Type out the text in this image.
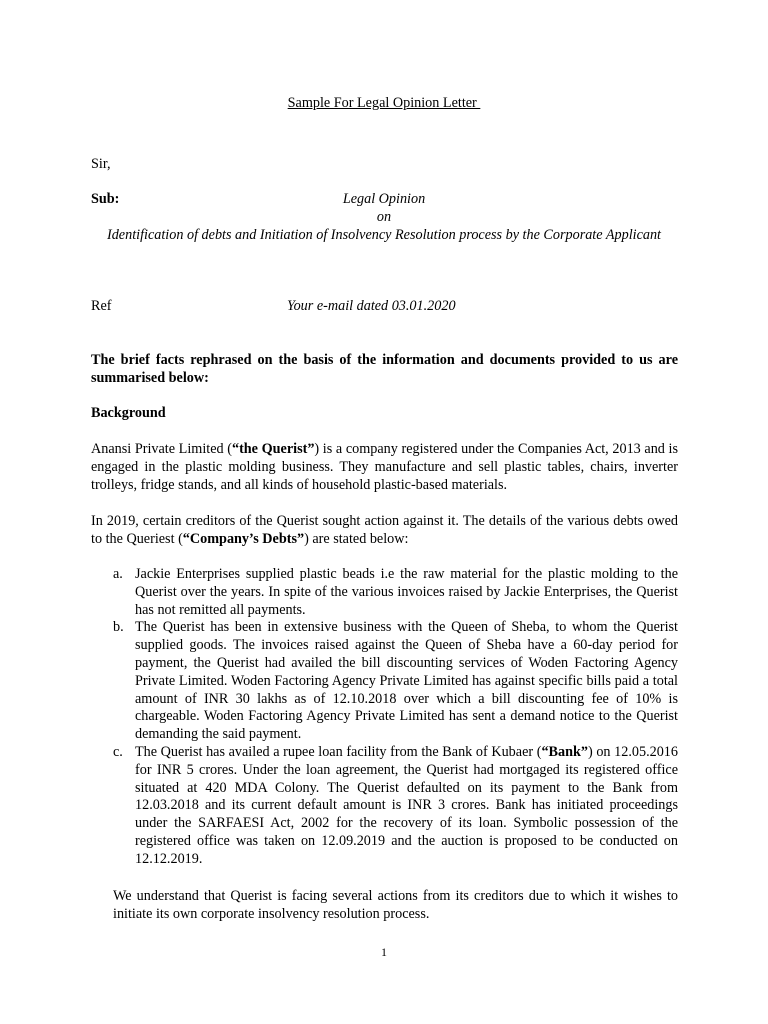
Sample For Legal Opinion Letter
Sir,
Sub:	Legal Opinion
on
Identification of debts and Initiation of Insolvency Resolution process by the Corporate Applicant
Ref	Your e-mail dated 03.01.2020
The brief facts rephrased on the basis of the information and documents provided to us are summarised below:
Background
Anansi Private Limited (“the Querist”) is a company registered under the Companies Act, 2013 and is engaged in the plastic molding business. They manufacture and sell plastic tables, chairs, inverter trolleys, fridge stands, and all kinds of household plastic-based materials.
In 2019, certain creditors of the Querist sought action against it. The details of the various debts owed to the Queriest (“Company’s Debts”) are stated below:
a. Jackie Enterprises supplied plastic beads i.e the raw material for the plastic molding to the Querist over the years. In spite of the various invoices raised by Jackie Enterprises, the Querist has not remitted all payments.
b. The Querist has been in extensive business with the Queen of Sheba, to whom the Querist supplied goods. The invoices raised against the Queen of Sheba have a 60-day period for payment, the Querist had availed the bill discounting services of Woden Factoring Agency Private Limited. Woden Factoring Agency Private Limited has against specific bills paid a total amount of INR 30 lakhs as of 12.10.2018 over which a bill discounting fee of 10% is chargeable. Woden Factoring Agency Private Limited has sent a demand notice to the Querist demanding the said payment.
c. The Querist has availed a rupee loan facility from the Bank of Kubaer (“Bank”) on 12.05.2016 for INR 5 crores. Under the loan agreement, the Querist had mortgaged its registered office situated at 420 MDA Colony. The Querist defaulted on its payment to the Bank from 12.03.2018 and its current default amount is INR 3 crores. Bank has initiated proceedings under the SARFAESI Act, 2002 for the recovery of its loan. Symbolic possession of the registered office was taken on 12.09.2019 and the auction is proposed to be conducted on 12.12.2019.
We understand that Querist is facing several actions from its creditors due to which it wishes to initiate its own corporate insolvency resolution process.
1
